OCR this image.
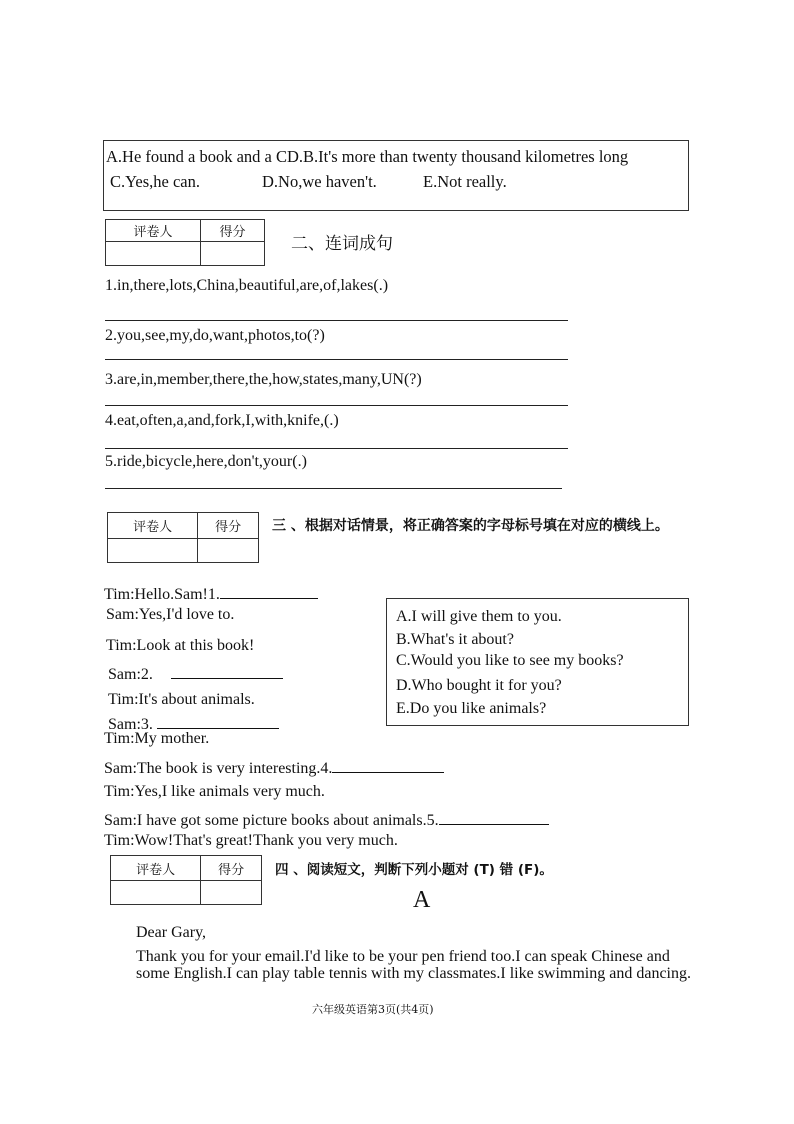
A.He found a book and a CD.B.It's more than twenty thousand kilometres long
C.Yes,he can.	D.No,we haven't.	E.Not really.
评卷人	得分

二、连词成句
1.in,there,lots,China,beautiful,are,of,lakes(.)
2.you,see,my,do,want,photos,to(?)
3.are,in,member,there,the,how,states,many,UN(?)
4.eat,often,a,and,fork,I,with,knife,(.)
5.ride,bicycle,here,don't,your(.)
评卷人	得分
	三 、根据对话情景，将正确答案的字母标号填在对应的横线上。
Tim:Hello.Sam!1.
Sam:Yes,I'd love to.
Tim:Look at this book!
Sam:2.
Tim:It's about animals.
Sam:3.
Tim:My mother.
Sam:The book is very interesting.4.
Tim:Yes,I like animals very much.
Sam:I have got some picture books about animals.5.
Tim:Wow!That's great!Thank you very much.
A.I will give them to you.
B.What's it about?
C.Would you like to see my books?
D.Who bought it for you?
E.Do you like animals?
评卷人	得分
	四 、阅读短文，判断下列小题对 (T) 错 (F)。
A
Dear Gary,
Thank you for your email.I'd like to be your pen friend too.I can speak Chinese and some English.I can play table tennis with my classmates.I like swimming and dancing.
六年级英语第3页(共4页)
